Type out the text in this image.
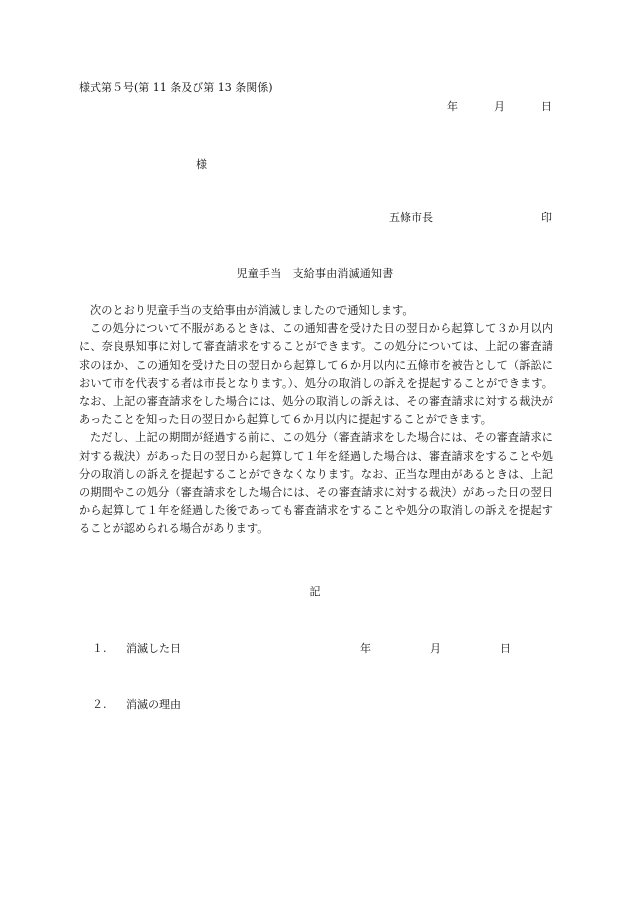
様式第５号(第 11 条及び第 13 条関係)
年	月	日
様
五條市長	印
児童手当　支給事由消滅通知書

次のとおり児童手当の支給事由が消滅しましたので通知します。

この処分について不服があるときは、この通知書を受けた日の翌日から起算して３か月以内に、奈良県知事に対して審査請求をすることができます。この処分については、上記の審査請求のほか、この通知を受けた日の翌日から起算して６か月以内に五條市を被告として（訴訟において市を代表する者は市長となります。）、処分の取消しの訴えを提起することができます。なお、上記の審査請求をした場合には、処分の取消しの訴えは、その審査請求に対する裁決があったことを知った日の翌日から起算して６か月以内に提起することができます。

ただし、上記の期間が経過する前に、この処分（審査請求をした場合には、その審査請求に対する裁決）があった日の翌日から起算して１年を経過した場合は、審査請求をすることや処分の取消しの訴えを提起することができなくなります。なお、正当な理由があるときは、上記の期間やこの処分（審査請求をした場合には、その審査請求に対する裁決）があった日の翌日から起算して１年を経過した後であっても審査請求をすることや処分の取消しの訴えを提起することが認められる場合があります。

記
１. 消滅した日	年	月	日
２. 消滅の理由
